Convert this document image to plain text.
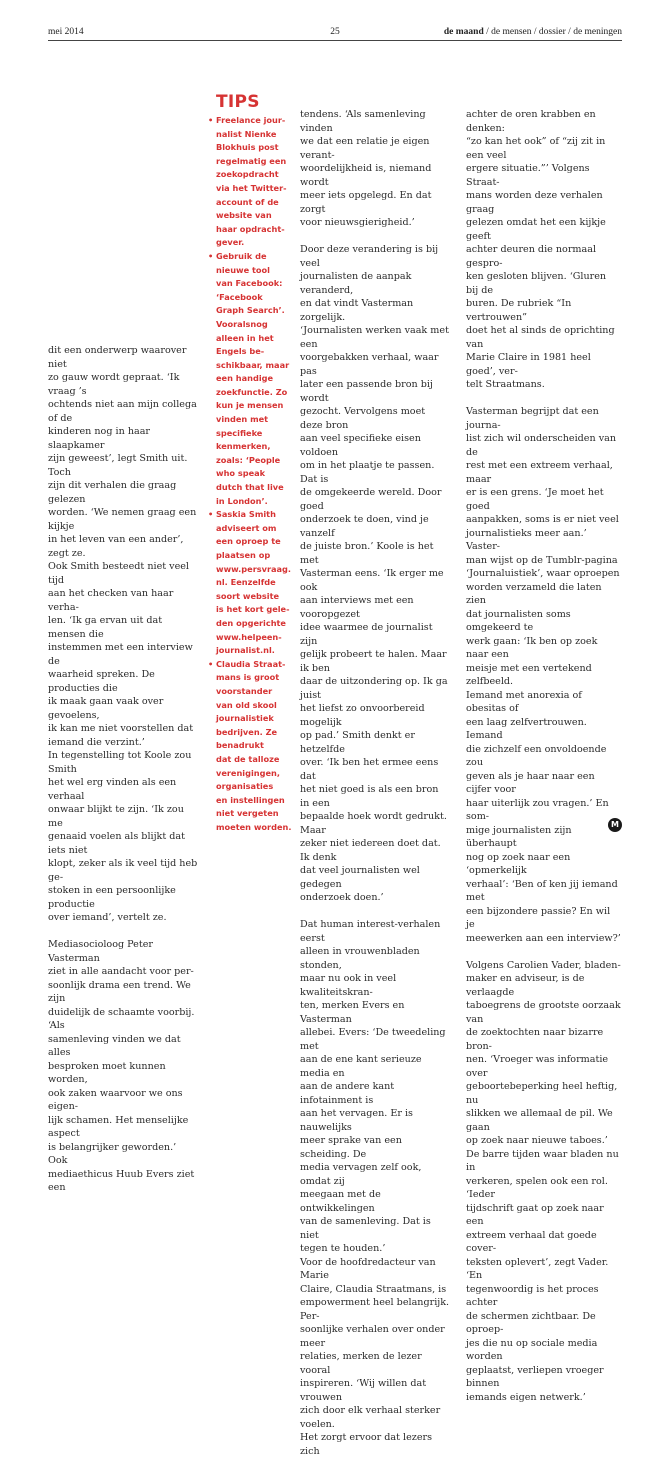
mei 2014	25	de maand / de mensen / dossier / de meningen

dit een onderwerp waarover niet
zo gauw wordt gepraat. ‘Ik vraag ’s
ochtends niet aan mijn collega of de
kinderen nog in haar slaapkamer
zijn geweest’, legt Smith uit. Toch
zijn dit verhalen die graag gelezen
worden. ‘We nemen graag een kijkje
in het leven van een ander’, zegt ze.
Ook Smith besteedt niet veel tijd
aan het checken van haar verha-
len. ‘Ik ga ervan uit dat mensen die
instemmen met een interview de
waarheid spreken. De producties die
ik maak gaan vaak over gevoelens,
ik kan me niet voorstellen dat
iemand die verzint.’
In tegenstelling tot Koole zou Smith
het wel erg vinden als een verhaal
onwaar blijkt te zijn. ‘Ik zou me
genaaid voelen als blijkt dat iets niet
klopt, zeker als ik veel tijd heb ge-
stoken in een persoonlijke productie
over iemand’, vertelt ze.

Mediasocioloog Peter Vasterman
ziet in alle aandacht voor per-
soonlijk drama een trend. We zijn
duidelijk de schaamte voorbij. ‘Als
samenleving vinden we dat alles
besproken moet kunnen worden,
ook zaken waarvoor we ons eigen-
lijk schamen. Het menselijke aspect
is belangrijker geworden.’ Ook
mediaethicus Huub Evers ziet een

TIPS
• Freelance jour-
nalist Nienke
Blokhuis post
regelmatig een
zoekopdracht
via het Twitter-
account of de
website van
haar opdracht-
gever.
• Gebruik de
nieuwe tool
van Facebook:
‘Facebook
Graph Search’.
Vooralsnog
alleen in het
Engels be-
schikbaar, maar
een handige
zoekfunctie. Zo
kun je mensen
vinden met
specifieke
kenmerken,
zoals: ‘People
who speak
dutch that live
in London’.
• Saskia Smith
adviseert om
een oproep te
plaatsen op
www.persvraag.
nl. Eenzelfde
soort website
is het kort gele-
den opgerichte
www.helpeen-
journalist.nl.
• Claudia Straat-
mans is groot
voorstander
van old skool
journalistiek
bedrijven. Ze
benadrukt
dat de talloze
verenigingen,
organisaties
en instellingen
niet vergeten
moeten worden.

tendens. ‘Als samenleving vinden
we dat een relatie je eigen verant-
woordelijkheid is, niemand wordt
meer iets opgelegd. En dat zorgt
voor nieuwsgierigheid.’

Door deze verandering is bij veel
journalisten de aanpak veranderd,
en dat vindt Vasterman zorgelijk.
‘Journalisten werken vaak met een
voorgebakken verhaal, waar pas
later een passende bron bij wordt
gezocht. Vervolgens moet deze bron
aan veel specifieke eisen voldoen
om in het plaatje te passen. Dat is
de omgekeerde wereld. Door goed
onderzoek te doen, vind je vanzelf
de juiste bron.’ Koole is het met
Vasterman eens. ‘Ik erger me ook
aan interviews met een vooropgezet
idee waarmee de journalist zijn
gelijk probeert te halen. Maar ik ben
daar de uitzondering op. Ik ga juist
het liefst zo onvoorbereid mogelijk
op pad.’ Smith denkt er hetzelfde
over. ‘Ik ben het ermee eens dat
het niet goed is als een bron in een
bepaalde hoek wordt gedrukt. Maar
zeker niet iedereen doet dat. Ik denk
dat veel journalisten wel gedegen
onderzoek doen.’

Dat human interest-verhalen eerst
alleen in vrouwenbladen stonden,
maar nu ook in veel kwaliteitskran-
ten, merken Evers en Vasterman
allebei. Evers: ‘De tweedeling met
aan de ene kant serieuze media en
aan de andere kant infotainment is
aan het vervagen. Er is nauwelijks
meer sprake van een scheiding. De
media vervagen zelf ook, omdat zij
meegaan met de ontwikkelingen
van de samenleving. Dat is niet
tegen te houden.’
Voor de hoofdredacteur van Marie
Claire, Claudia Straatmans, is
empowerment heel belangrijk. Per-
soonlijke verhalen over onder meer
relaties, merken de lezer vooral
inspireren. ‘Wij willen dat vrouwen
zich door elk verhaal sterker voelen.
Het zorgt ervoor dat lezers zich

achter de oren krabben en denken:
“zo kan het ook” of “zij zit in een veel
ergere situatie.”’ Volgens Straat-
mans worden deze verhalen graag
gelezen omdat het een kijkje geeft
achter deuren die normaal gespro-
ken gesloten blijven. ‘Gluren bij de
buren. De rubriek “In vertrouwen”
doet het al sinds de oprichting van
Marie Claire in 1981 heel goed’, ver-
telt Straatmans.

Vasterman begrijpt dat een journa-
list zich wil onderscheiden van de
rest met een extreem verhaal, maar
er is een grens. ‘Je moet het goed
aanpakken, soms is er niet veel
journalistieks meer aan.’ Vaster-
man wijst op de Tumblr-pagina
‘Journaluistiek’, waar oproepen
worden verzameld die laten zien
dat journalisten soms omgekeerd te
werk gaan: ‘Ik ben op zoek naar een
meisje met een vertekend zelfbeeld.
Iemand met anorexia of obesitas of
een laag zelfvertrouwen. Iemand
die zichzelf een onvoldoende zou
geven als je haar naar een cijfer voor
haar uiterlijk zou vragen.’ En som-
mige journalisten zijn überhaupt
nog op zoek naar een ‘opmerkelijk
verhaal’: ‘Ben of ken jij iemand met
een bijzondere passie? En wil je
meewerken aan een interview?’

Volgens Carolien Vader, bladen-
maker en adviseur, is de verlaagde
taboegrens de grootste oorzaak van
de zoektochten naar bizarre bron-
nen. ‘Vroeger was informatie over
geboortebeperking heel heftig, nu
slikken we allemaal de pil. We gaan
op zoek naar nieuwe taboes.’
De barre tijden waar bladen nu in
verkeren, spelen ook een rol. ‘Ieder
tijdschrift gaat op zoek naar een
extreem verhaal dat goede cover-
teksten oplevert’, zegt Vader. ‘En
tegenwoordig is het proces achter
de schermen zichtbaar. De oproep-
jes die nu op sociale media worden
geplaatst, verliepen vroeger binnen
iemands eigen netwerk.’

M
